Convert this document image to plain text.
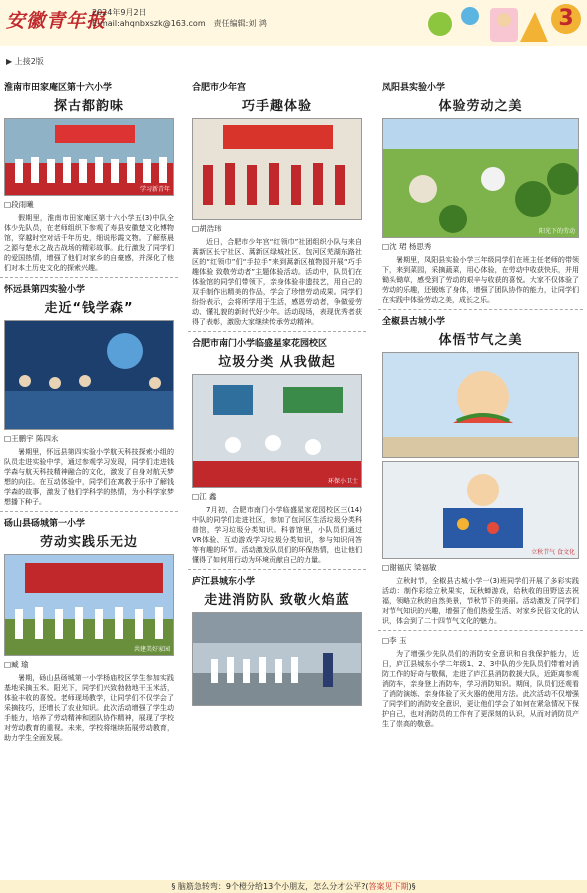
安徽青年报
2024年9月2日
E-mail:ahqnbxszk@163.com 责任编辑:刘 鸿	3
▶ 上接2版
淮南市田家庵区第十六小学
探古都韵味
学习新青年
□段雨曦
假期里，淮南市田家庵区第十六小学五(3)中队全体少先队员，在老师组织下参观了寿县安徽楚文化博物馆，穿越时空对话千年历史，细说彤霞文物。了解蔡晨之源与楚水之战古战场的精彩故事。此行激发了同学们的爱国热情，增强了他们对家乡的自豪感，并深化了他们对本土历史文化的探索兴趣。
怀远县第四实验小学
走近“钱学森”
□王鹏宇 陈四永
暑期里，怀远县第四实验小学航天科技探索小组的队员走进实验中学，通过参观学习发现，同学们走进钱学森与航天科技精神融合的文化，激发了自身对航天梦想的向往。在互动体验中，同学们在寓教于乐中了解钱学森的故事，激发了他们学科学的热情，为小科学家梦想播下种子。
砀山县砀城第一小学
劳动实践乐无边
共建美好家园
□臧 瑜
暑期，砀山县砀城第一小学杨庙校区学生参加实践基地采摘玉米。阳光下，同学们兴致勃勃地干玉米活，体验丰收的喜悦。老师现场教学，让同学们不仅学会了采摘技巧，还增长了农业知识。此次活动增强了学生动手能力，培养了劳动精神和团队协作精神，展现了学校对劳动教育的重视。未来，学校将继续拓展劳动教育，助力学生全面发展。
合肥市少年宫
巧手趣体验
□胡浩玮
近日，合肥市少年宫“红领巾”社团组织小队与来自蒿新区长宁社区、蒿新区绿城社区、包河区芜湖东路社区的“红领巾”们“手拉手”来到蒿新区植物园开展“巧手趣体验 致敬劳动者”主题体验活动。活动中，队员们在体验馆的同学们带领下，亲身体验非遗技艺，用自己的双手制作出精美的作品，学会了珍惜劳动成果。同学们纷纷表示，会将所学用于生活，感恩劳动者，争做爱劳动、懂礼貌的新时代好少年。活动现场，表现优秀者获得了表彰，激励大家继续传承劳动精神。
合肥市南门小学临盛星家花园校区
垃圾分类 从我做起
环保小卫士
□江 鑫
7月初，合肥市南门小学临盛星家花园校区三(14)中队的同学们走进社区，参加了包河区生活垃圾分类科普馆，学习垃圾分类知识。科普馆里，小队员们通过VR体验、互动游戏学习垃圾分类知识，参与知识问答等有趣的环节。活动激发队员们的环保热情，也让他们懂得了如何用行动为环境贡献自己的力量。
庐江县城东小学
走进消防队 致敬火焰蓝
凤阳县实验小学
体验劳动之美
阳光下的劳动
□沈 珺 杨思秀
暑期里，凤阳县实验小学三年级同学们在班主任老师的带领下，来到菜园，采摘蔬菜，用心体验，在劳动中收获快乐，并用锄头锄草，感受到了劳动的艰辛与收获的喜悦。大家不仅体验了劳动的乐趣，还锻炼了身体，增强了团队协作的能力，让同学们在实践中体验劳动之美，成长之乐。
全椒县古城小学
体悟节气之美
立秋节气 食文化
□谢福庆 梁福敏
立秋时节，全椒县古城小学一(3)班同学们开展了多彩实践活动：制作彩绘立秋果实，玩秋蝉游戏，给秋收的田野送去祝福，领略立秋的自然美景，节秋节下的美丽。活动激发了同学们对节气知识的兴趣，增强了他们热爱生活、对家乡民俗文化的认识，体会到了二十四节气文化的魅力。
□李 玉
为了增强少先队员们的消防安全意识和自我保护能力，近日，庐江县城东小学二年级1、2、3中队的少先队员们带着对消防工作的好奇与敬佩，走进了庐江县消防救援大队，近距离参观消防车，亲身登上消防车，学习消防知识。期间，队员们还观看了消防演练、亲身体验了灭火器的使用方法。此次活动不仅增强了同学们的消防安全意识，更让他们学会了如何在紧急情况下保护自己，也对消防员的工作有了更深刻的认识，从而对消防员产生了崇高的敬意。
§ 脑筋急转弯：9个橙分给13个小朋友，怎么分才公平?(答案见下期)§
